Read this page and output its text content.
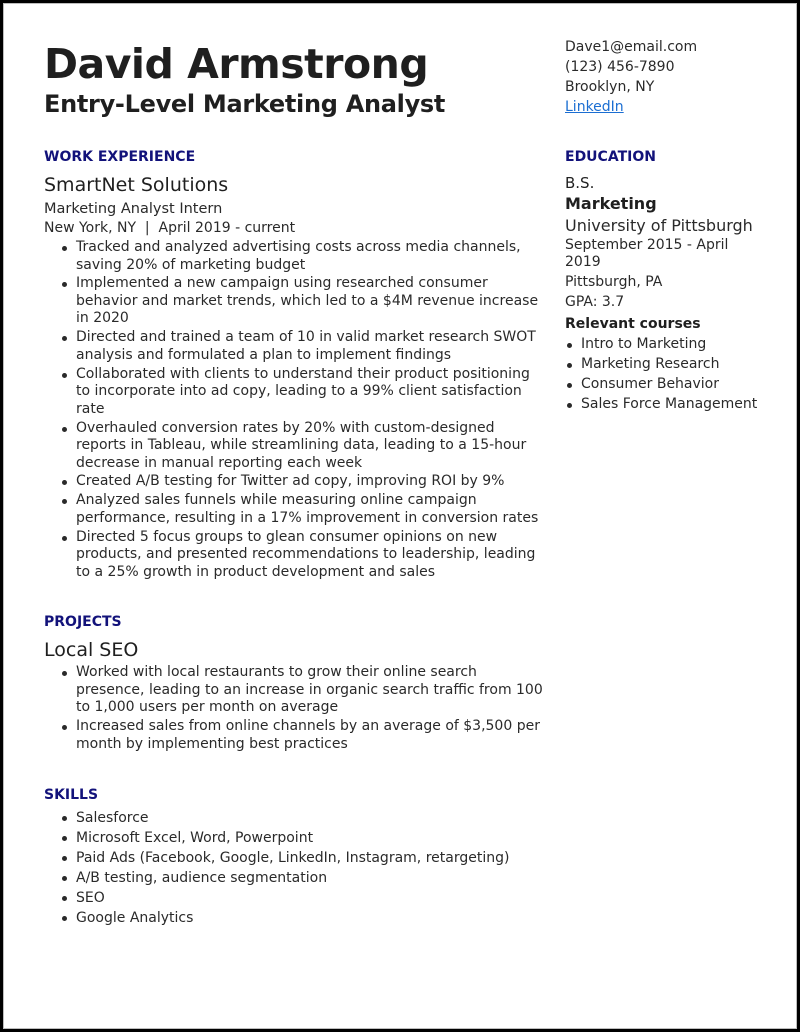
David Armstrong
Entry-Level Marketing Analyst
Dave1@email.com
(123) 456-7890
Brooklyn, NY
LinkedIn
WORK EXPERIENCE
SmartNet Solutions
Marketing Analyst Intern
New York, NY  |  April 2019 - current
Tracked and analyzed advertising costs across media channels, saving 20% of marketing budget
Implemented a new campaign using researched consumer behavior and market trends, which led to a $4M revenue increase in 2020
Directed and trained a team of 10 in valid market research SWOT analysis and formulated a plan to implement findings
Collaborated with clients to understand their product positioning to incorporate into ad copy, leading to a 99% client satisfaction rate
Overhauled conversion rates by 20% with custom-designed reports in Tableau, while streamlining data, leading to a 15-hour decrease in manual reporting each week
Created A/B testing for Twitter ad copy, improving ROI by 9%
Analyzed sales funnels while measuring online campaign performance, resulting in a 17% improvement in conversion rates
Directed 5 focus groups to glean consumer opinions on new products, and presented recommendations to leadership, leading to a 25% growth in product development and sales
PROJECTS
Local SEO
Worked with local restaurants to grow their online search presence, leading to an increase in organic search traffic from 100 to 1,000 users per month on average
Increased sales from online channels by an average of $3,500 per month by implementing best practices
SKILLS
Salesforce
Microsoft Excel, Word, Powerpoint
Paid Ads (Facebook, Google, LinkedIn, Instagram, retargeting)
A/B testing, audience segmentation
SEO
Google Analytics
EDUCATION
B.S.
Marketing
University of Pittsburgh
September 2015 - April 2019
Pittsburgh, PA
GPA: 3.7
Relevant courses
Intro to Marketing
Marketing Research
Consumer Behavior
Sales Force Management
